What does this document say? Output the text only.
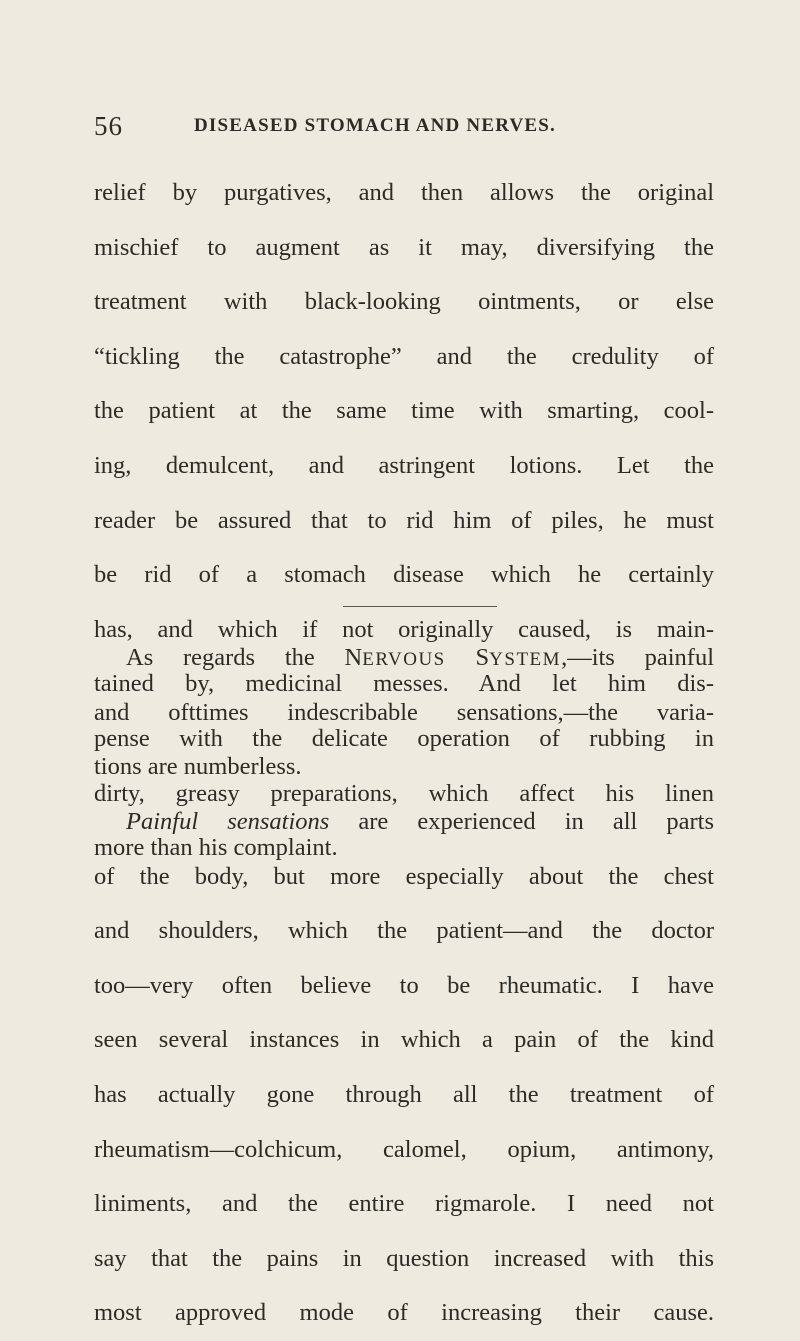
56	DISEASED STOMACH AND NERVES.
relief by purgatives, and then allows the original
mischief to augment as it may, diversifying the
treatment with black-looking ointments, or else
“tickling the catastrophe” and the credulity of
the patient at the same time with smarting, cool-
ing, demulcent, and astringent lotions. Let the
reader be assured that to rid him of piles, he must
be rid of a stomach disease which he certainly
has, and which if not originally caused, is main-
tained by, medicinal messes. And let him dis-
pense with the delicate operation of rubbing in
dirty, greasy preparations, which affect his linen
more than his complaint.
As regards the NERVOUS SYSTEM,—its painful
and ofttimes indescribable sensations,—the varia-
tions are numberless.
Painful sensations are experienced in all parts
of the body, but more especially about the chest
and shoulders, which the patient—and the doctor
too—very often believe to be rheumatic. I have
seen several instances in which a pain of the kind
has actually gone through all the treatment of
rheumatism—colchicum, calomel, opium, antimony,
liniments, and the entire rigmarole. I need not
say that the pains in question increased with this
most approved mode of increasing their cause.
